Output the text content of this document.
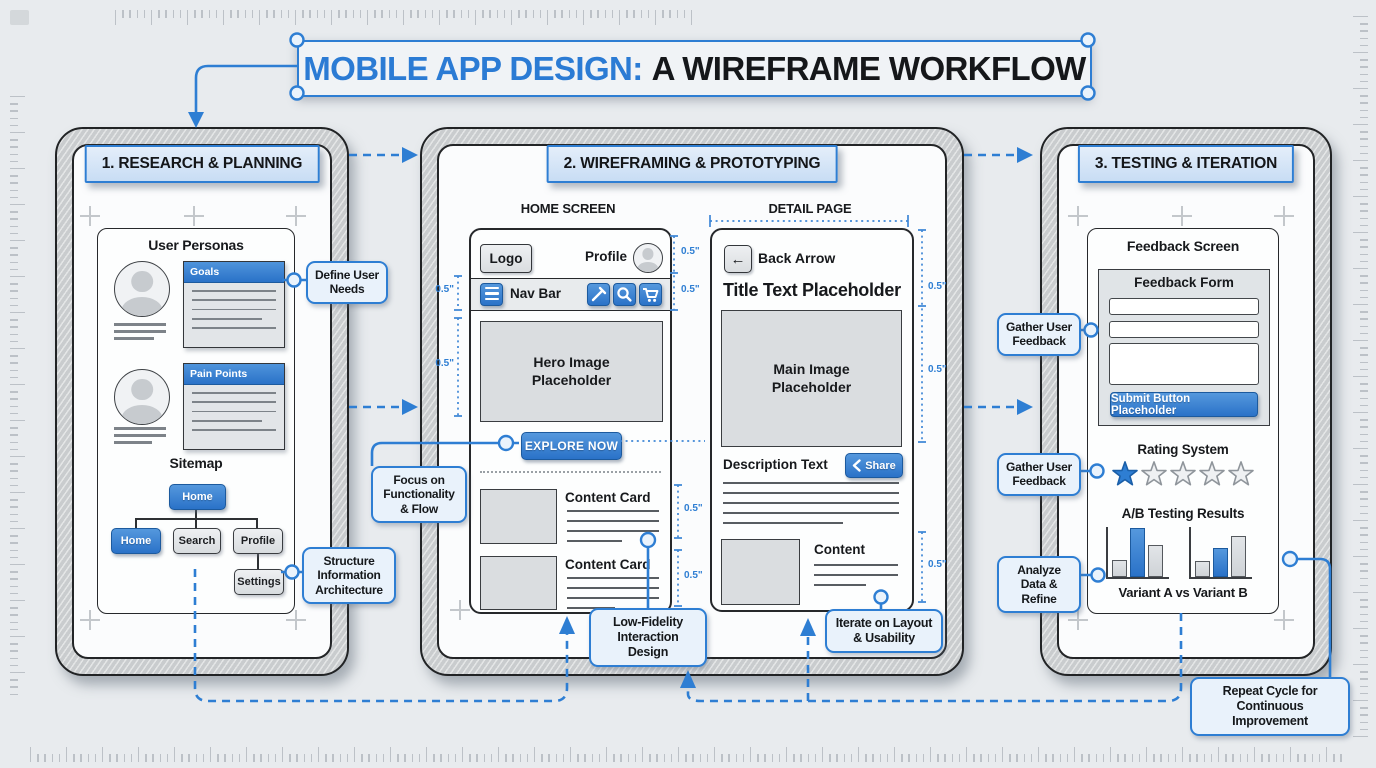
MOBILE APP DESIGN: A WIREFRAME WORKFLOW
1. RESEARCH & PLANNING
User Personas
Goals
Pain Points
Sitemap
Home
Home	Search	Profile
Settings
2. WIREFRAMING & PROTOTYPING
HOME SCREEN
Logo	Profile
Nav Bar
Hero Image Placeholder
EXPLORE NOW
Content Card
Content Card
DETAIL PAGE
← Back Arrow
Title Text Placeholder
Main Image Placeholder
Description Text	Share
Content
3. TESTING & ITERATION
Feedback Screen
Feedback Form
Submit Button Placeholder
Rating System
A/B Testing Results
Variant A vs Variant B
Define User Needs
Structure Information Architecture
Focus on Functionality & Flow
Low-Fidelity Interaction Design
Iterate on Layout & Usability
Gather User Feedback
Gather User Feedback
Analyze Data & Refine
Repeat Cycle for Continuous Improvement
0.5"
0.5"
0.5"
0.5"
0.5"
0.5"
0.5"
0.5"
0.5"
